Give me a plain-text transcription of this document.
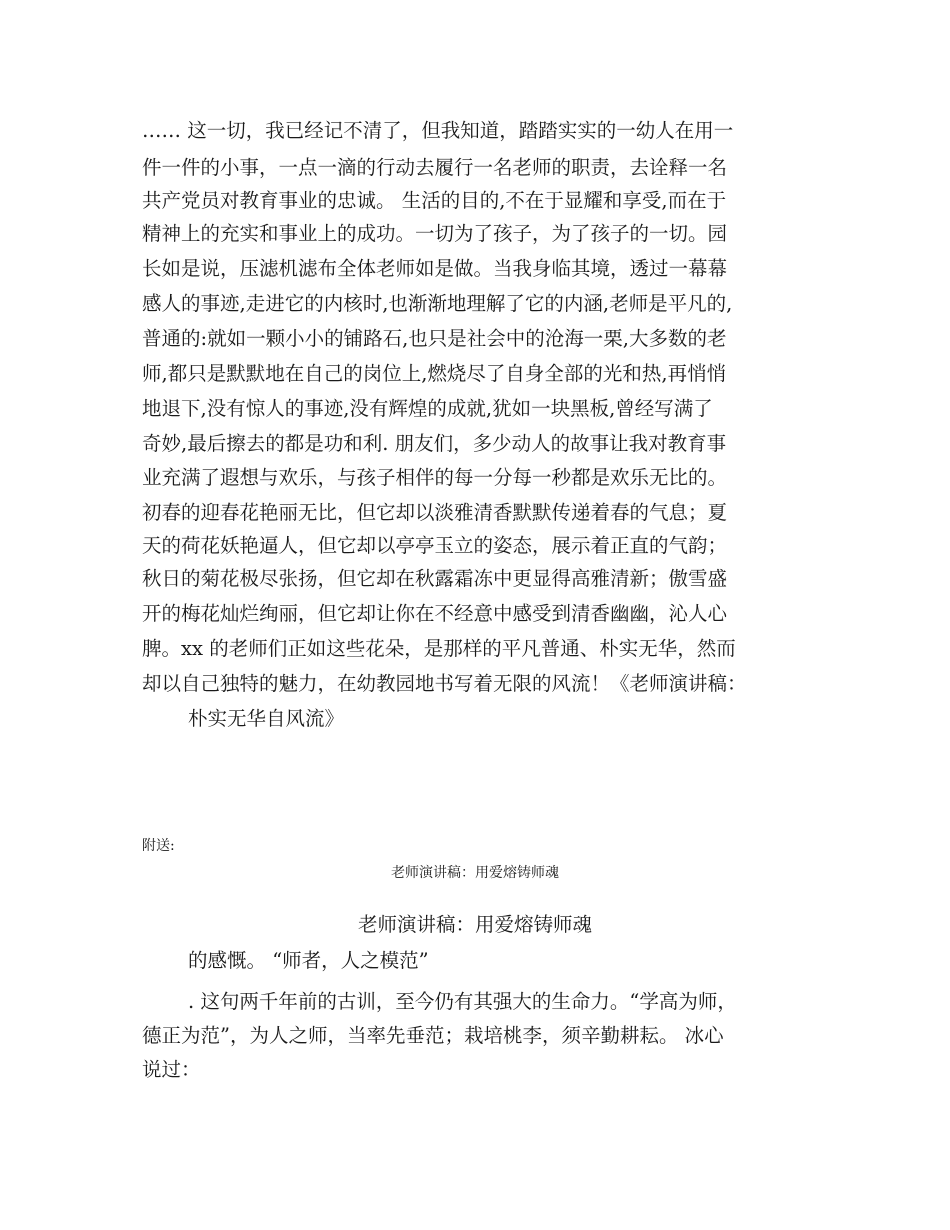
…… 这一切，我已经记不清了，但我知道，踏踏实实的一幼人在用一
件一件的小事，一点一滴的行动去履行一名老师的职责，去诠释一名
共产党员对教育事业的忠诚。 生活的目的,不在于显耀和享受,而在于
精神上的充实和事业上的成功。一切为了孩子，为了孩子的一切。园
长如是说，压滤机滤布全体老师如是做。当我身临其境，透过一幕幕
感人的事迹,走进它的内核时,也渐渐地理解了它的内涵,老师是平凡的,
普通的:就如一颗小小的铺路石,也只是社会中的沧海一栗,大多数的老
师,都只是默默地在自己的岗位上,燃烧尽了自身全部的光和热,再悄悄
地退下,没有惊人的事迹,没有辉煌的成就,犹如一块黑板,曾经写满了
奇妙,最后擦去的都是功和利. 朋友们，多少动人的故事让我对教育事
业充满了遐想与欢乐，与孩子相伴的每一分每一秒都是欢乐无比的。
初春的迎春花艳丽无比，但它却以淡雅清香默默传递着春的气息；夏
天的荷花妖艳逼人，但它却以亭亭玉立的姿态，展示着正直的气韵；
秋日的菊花极尽张扬，但它却在秋露霜冻中更显得高雅清新；傲雪盛
开的梅花灿烂绚丽，但它却让你在不经意中感受到清香幽幽，沁人心
脾。xx 的老师们正如这些花朵，是那样的平凡普通、朴实无华，然而
却以自己独特的魅力，在幼教园地书写着无限的风流！《老师演讲稿：
朴实无华自风流》
附送:
老师演讲稿：用爱熔铸师魂
老师演讲稿：用爱熔铸师魂
的感慨。 “师者，人之模范”
. 这句两千年前的古训，至今仍有其强大的生命力。“学高为师，
德正为范”，为人之师，当率先垂范；栽培桃李，须辛勤耕耘。 冰心
说过：
